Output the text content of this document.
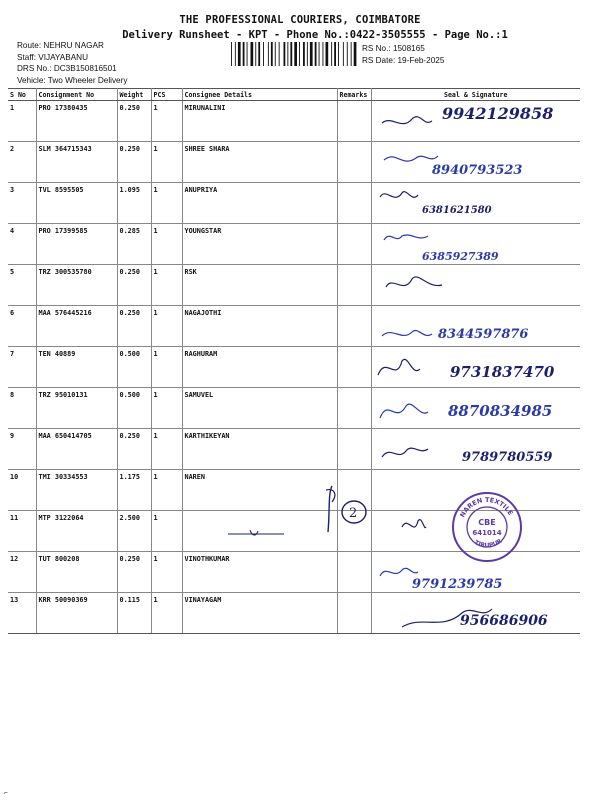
THE PROFESSIONAL COURIERS, COIMBATORE
Delivery Runsheet - KPT - Phone No.:0422-3505555 - Page No.:1
Route: NEHRU NAGAR
Staff: VIJAYABANU
DRS No.: DC3B150816501
Vehicle: Two Wheeler Delivery
RS No.: 1508165
RS Date: 19-Feb-2025
S No	Consignment No	Weight	PCS	Consignee Details	Remarks	Seal & Signature
1	PRO 17380435	0.250	1	MIRUNALINI		9942129858

2	SLM 364715343	0.250	1	SHREE SHARA		8940793523

3	TVL 8595505	1.095	1	ANUPRIYA		6381621580

4	PRO 17399585	0.285	1	YOUNGSTAR		6385927389

5	TRZ 300535780	0.250	1	RSK		

6	MAA 576445216	0.250	1	NAGAJOTHI		8344597876

7	TEN 40889	0.500	1	RAGHURAM		9731837470

8	TRZ 95010131	0.500	1	SAMUVEL		8870834985

9	MAA 650414705	0.250	1	KARTHIKEYAN		9789780559

10	TMI 30334553	1.175	1	NAREN		

11	MTP 3122064	2.500	1			

12	TUT 800208	0.250	1	VINOTHKUMAR		9791239785

13	KRR 50090369	0.115	1	VINAYAGAM		956686906
2	NAREN TEXTILE
TIRUPUR
CBE
641014
⌐
